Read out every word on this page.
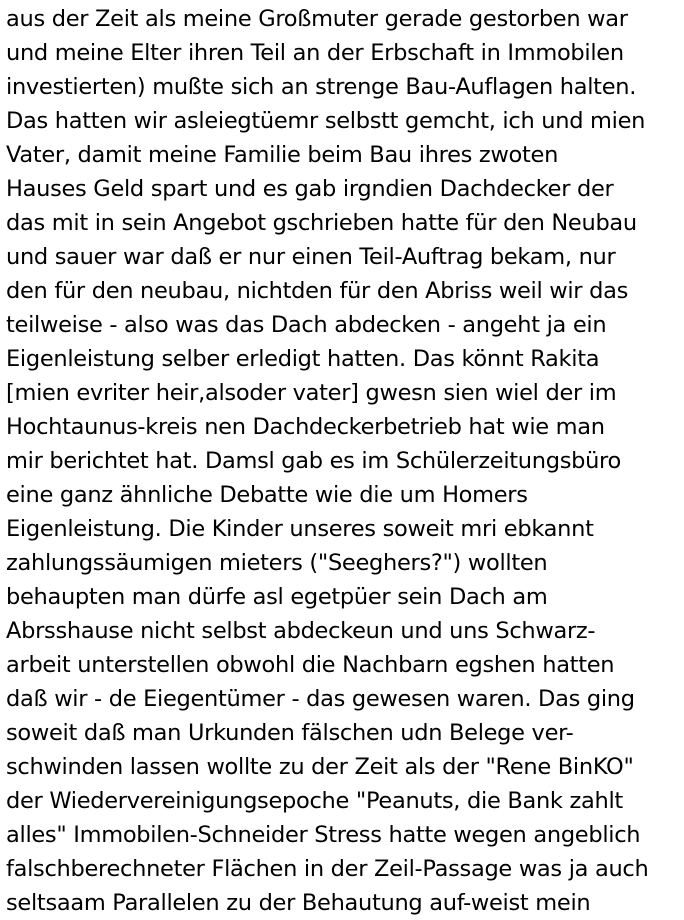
aus der Zeit als meine Großmuter gerade gestorben war
und meine Elter ihren Teil an der Erbschaft in Immobilen
investierten) mußte sich an strenge Bau-Auflagen halten.
Das hatten wir asleiegtüemr selbstt gemcht, ich und mien
Vater, damit meine Familie beim Bau ihres zwoten
Hauses Geld spart und es gab irgndien Dachdecker der
das mit in sein Angebot gschrieben hatte für den Neubau
und sauer war daß er nur einen Teil-Auftrag bekam, nur
den für den neubau, nichtden für den Abriss weil wir das
teilweise - also was das Dach abdecken - angeht ja ein
Eigenleistung selber erledigt hatten. Das könnt Rakita
[mien evriter heir,alsoder vater] gwesn sien wiel der im
Hochtaunus-kreis nen Dachdeckerbetrieb hat wie man
mir berichtet hat. Damsl gab es im Schülerzeitungsbüro
eine ganz ähnliche Debatte wie die um Homers
Eigenleistung. Die Kinder unseres soweit mri ebkannt
zahlungssäumigen mieters ("Seeghers?") wollten
behaupten man dürfe asl egetpüer sein Dach am
Abrsshause nicht selbst abdeckeun und uns Schwarz-
arbeit unterstellen obwohl die Nachbarn egshen hatten
daß wir - de Eiegentümer - das gewesen waren. Das ging
soweit daß man Urkunden fälschen udn Belege ver-
schwinden lassen wollte zu der Zeit als der "Rene BinKO"
der Wiedervereinigungsepoche "Peanuts, die Bank zahlt
alles" Immobilen-Schneider Stress hatte wegen angeblich
falschberechneter Flächen in der Zeil-Passage was ja auch
seltsaam Parallelen zu der Behautung auf-weist mein
